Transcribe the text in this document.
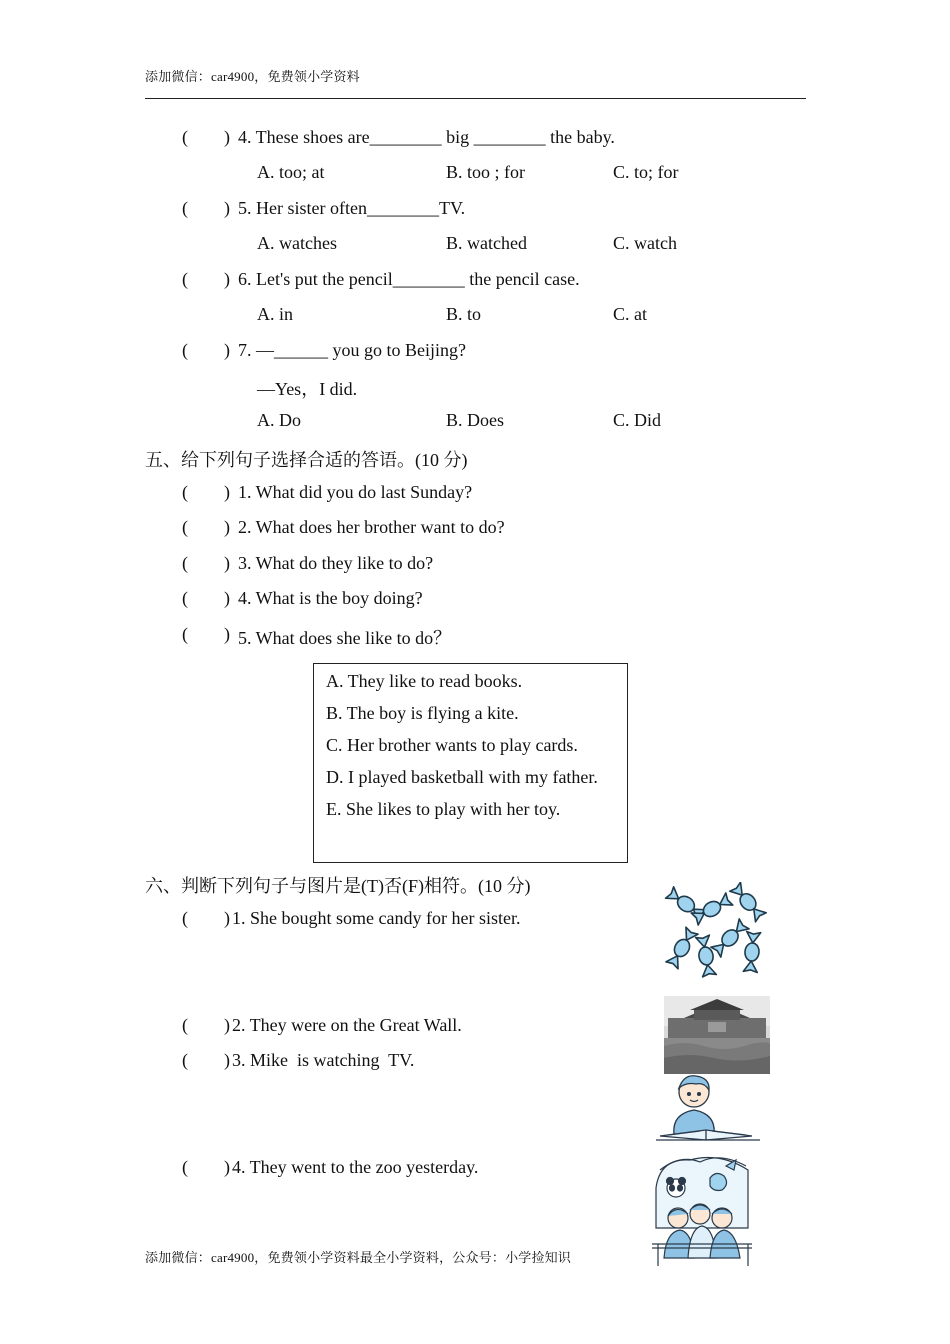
添加微信：car4900，免费领小学资料
(        ) 4. These shoes are________ big ________ the baby.
A. too; at	B. too ; for	C. to; for
(        ) 5. Her sister often________TV.
A. watches	B. watched	C. watch
(        ) 6. Let's put the pencil________ the pencil case.
A. in	B. to	C. at
(        ) 7. —______ you go to Beijing?
—Yes，I did.
A. Do	B. Does	C. Did
五、给下列句子选择合适的答语。(10 分)
(        ) 1. What did you do last Sunday?
(        ) 2. What does her brother want to do?
(        ) 3. What do they like to do?
(        ) 4. What is the boy doing?
(        ) 5. What does she like to do？
A. They like to read books.
B. The boy is flying a kite.
C. Her brother wants to play cards.
D. I played basketball with my father.
E. She likes to play with her toy.
六、判断下列句子与图片是(T)否(F)相符。(10 分)
(        ) 1. She bought some candy for her sister.
(        ) 2. They were on the Great Wall.
(        ) 3. Mike  is watching  TV.
(        ) 4. They went to the zoo yesterday.
添加微信：car4900，免费领小学资料最全小学资料，公众号：小学捡知识
